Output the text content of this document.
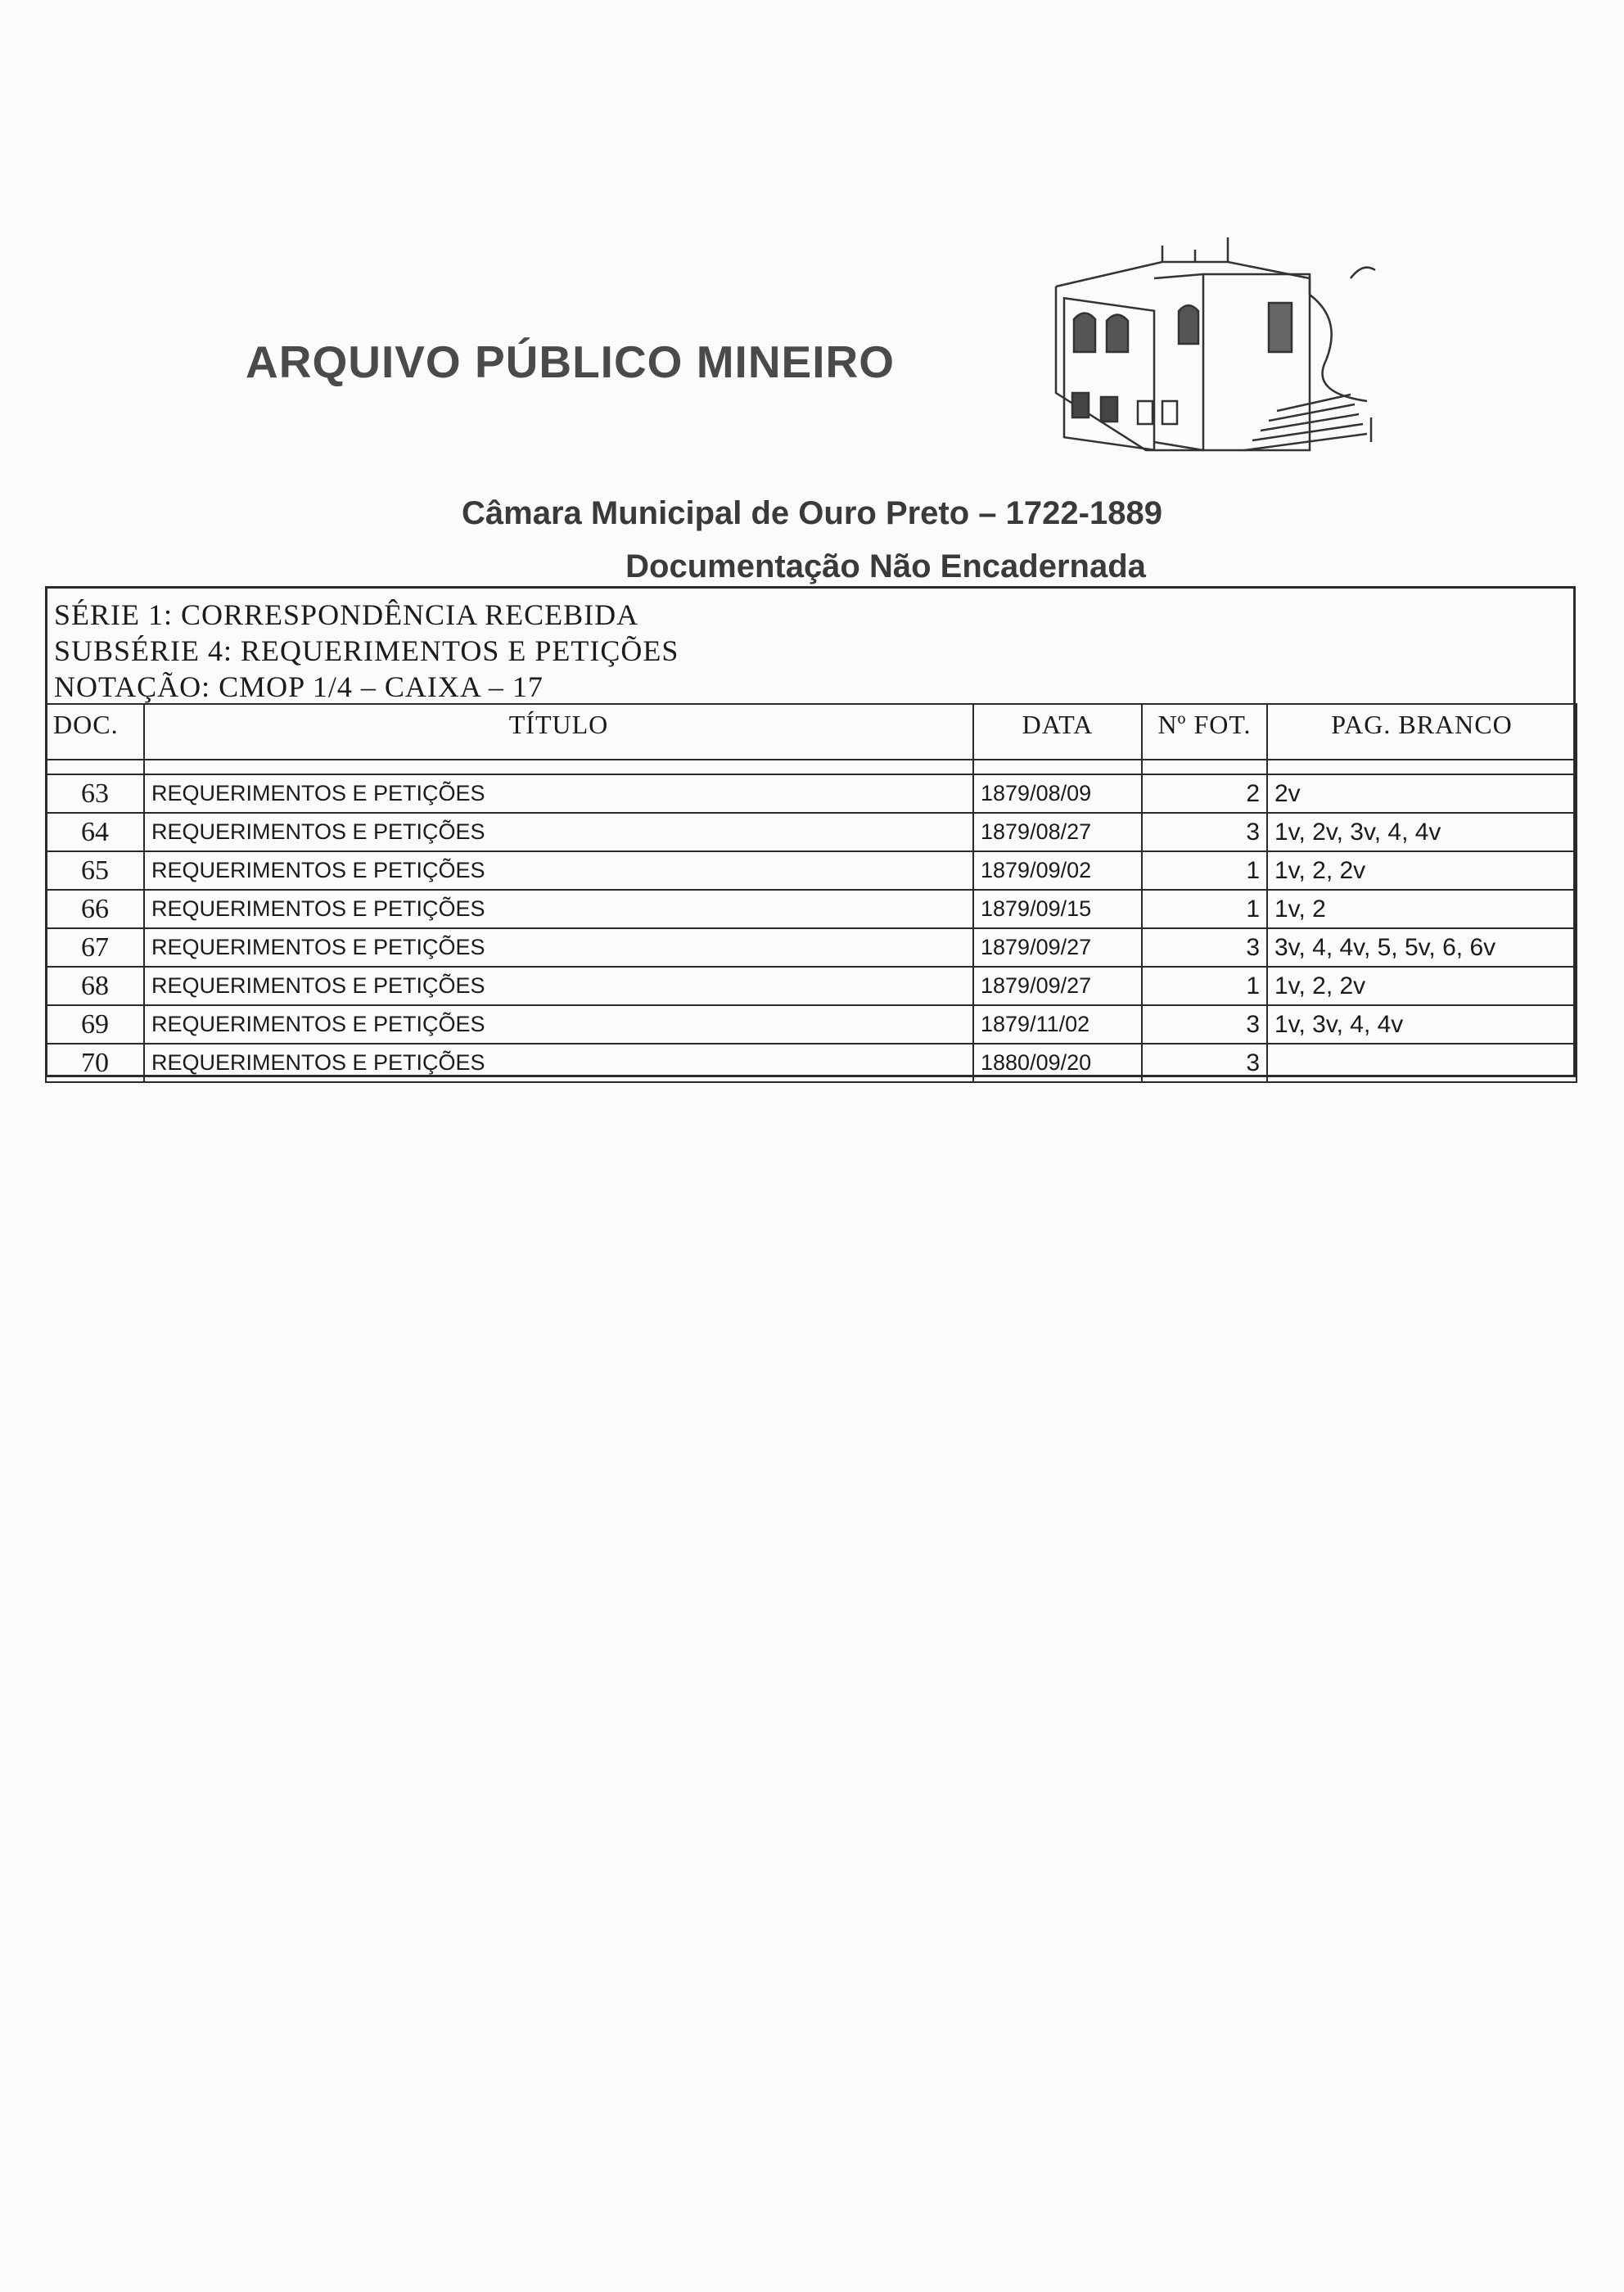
ARQUIVO PÚBLICO MINEIRO
Câmara Municipal de Ouro Preto – 1722-1889
Documentação Não Encadernada
SÉRIE 1: CORRESPONDÊNCIA RECEBIDA
SUBSÉRIE 4: REQUERIMENTOS E PETIÇÕES
NOTAÇÃO: CMOP 1/4 – CAIXA – 17
DOC.	TÍTULO	DATA	Nº FOT.	PAG. BRANCO

63	REQUERIMENTOS E PETIÇÕES	1879/08/09	2	2v
64	REQUERIMENTOS E PETIÇÕES	1879/08/27	3	1v, 2v, 3v, 4, 4v
65	REQUERIMENTOS E PETIÇÕES	1879/09/02	1	1v, 2, 2v
66	REQUERIMENTOS E PETIÇÕES	1879/09/15	1	1v, 2
67	REQUERIMENTOS E PETIÇÕES	1879/09/27	3	3v, 4, 4v, 5, 5v, 6, 6v
68	REQUERIMENTOS E PETIÇÕES	1879/09/27	1	1v, 2, 2v
69	REQUERIMENTOS E PETIÇÕES	1879/11/02	3	1v, 3v, 4, 4v
70	REQUERIMENTOS E PETIÇÕES	1880/09/20	3	
